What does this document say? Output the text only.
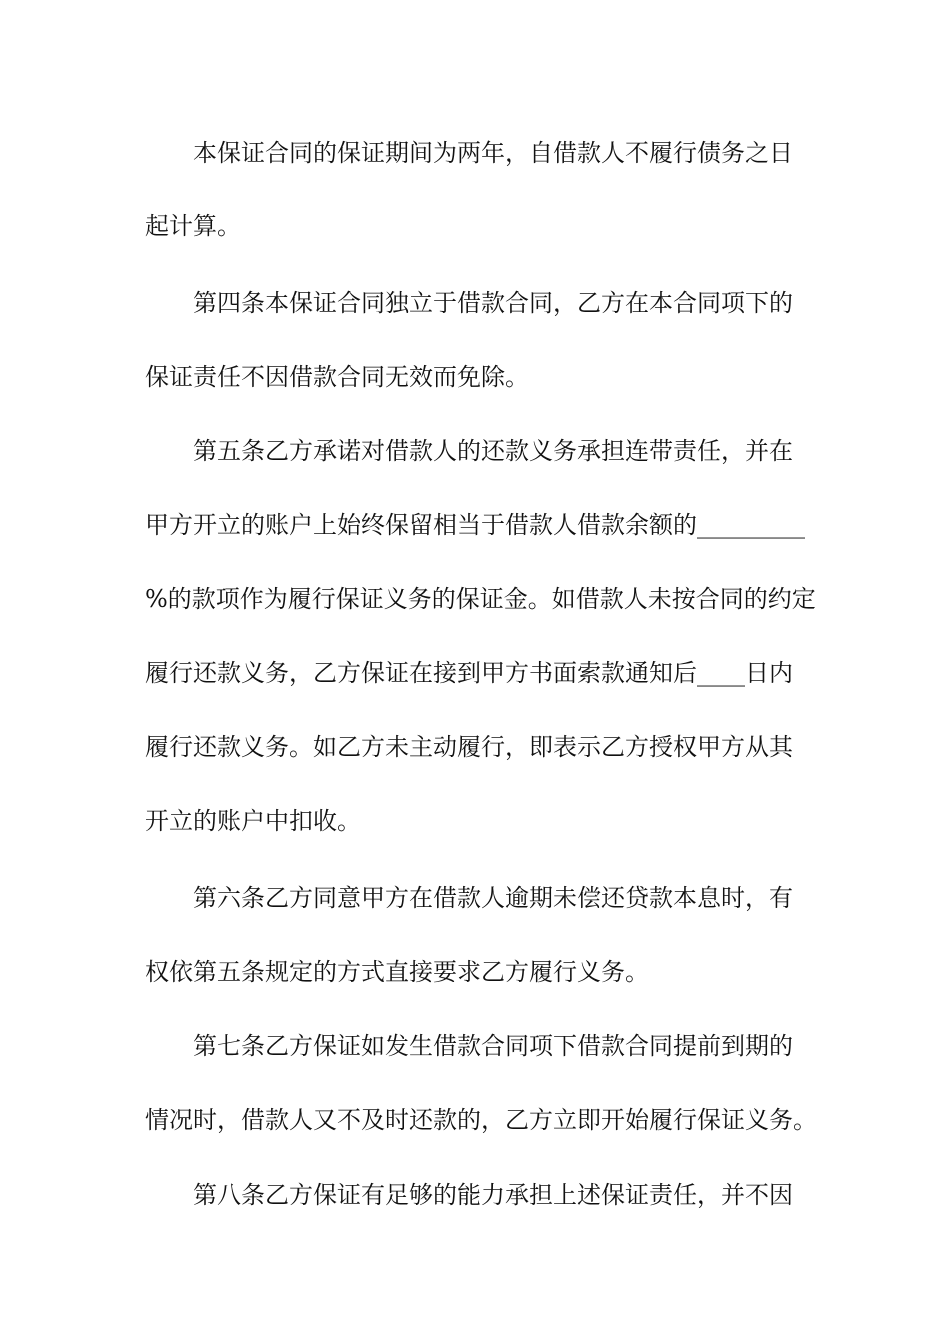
本保证合同的保证期间为两年，自借款人不履行债务之日
起计算。
第四条本保证合同独立于借款合同，乙方在本合同项下的
保证责任不因借款合同无效而免除。
第五条乙方承诺对借款人的还款义务承担连带责任，并在
甲方开立的账户上始终保留相当于借款人借款余额的_________
%的款项作为履行保证义务的保证金。如借款人未按合同的约定
履行还款义务，乙方保证在接到甲方书面索款通知后____日内
履行还款义务。如乙方未主动履行，即表示乙方授权甲方从其
开立的账户中扣收。
第六条乙方同意甲方在借款人逾期未偿还贷款本息时，有
权依第五条规定的方式直接要求乙方履行义务。
第七条乙方保证如发生借款合同项下借款合同提前到期的
情况时，借款人又不及时还款的，乙方立即开始履行保证义务。
第八条乙方保证有足够的能力承担上述保证责任，并不因
